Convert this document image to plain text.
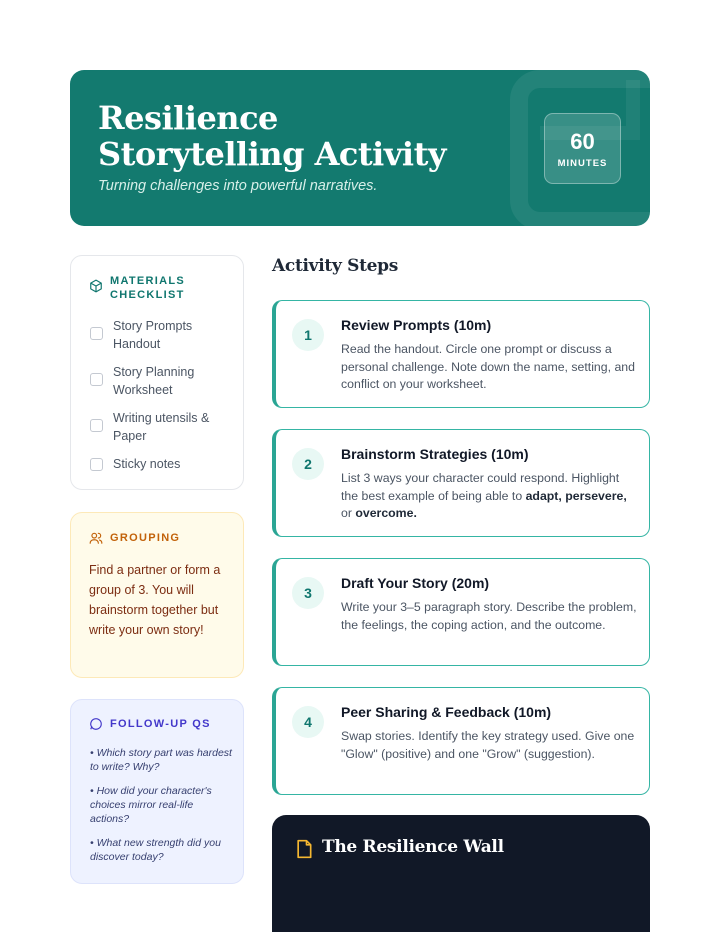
Resilience Storytelling Activity
Turning challenges into powerful narratives.
60
MINUTES
MATERIALS CHECKLIST
Story Prompts Handout
Story Planning Worksheet
Writing utensils & Paper
Sticky notes
GROUPING

Find a partner or form a group of 3. You will brainstorm together but write your own story!

FOLLOW-UP QS
• Which story part was hardest to write? Why?
• How did your character's choices mirror real-life actions?
• What new strength did you discover today?
Activity Steps
1
Review Prompts (10m)

Read the handout. Circle one prompt or discuss a personal challenge. Note down the name, setting, and conflict on your worksheet.

2
Brainstorm Strategies (10m)

List 3 ways your character could respond. Highlight the best example of being able to adapt, persevere, or overcome.

3
Draft Your Story (20m)

Write your 3–5 paragraph story. Describe the problem, the feelings, the coping action, and the outcome.

4
Peer Sharing & Feedback (10m)

Swap stories. Identify the key strategy used. Give one "Glow" (positive) and one "Grow" (suggestion).

The Resilience Wall
